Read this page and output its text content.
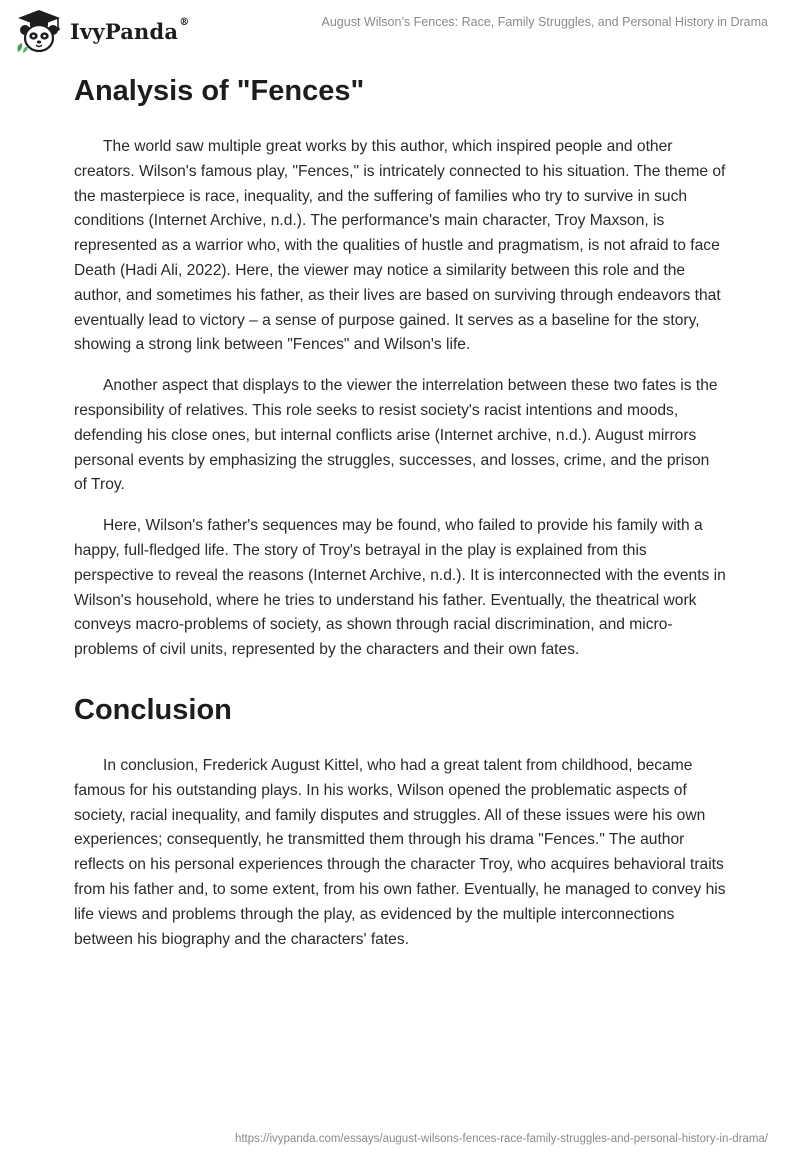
IvyPanda®	August Wilson’s Fences: Race, Family Struggles, and Personal History in Drama
Analysis of "Fences"

The world saw multiple great works by this author, which inspired people and other creators. Wilson's famous play, "Fences," is intricately connected to his situation. The theme of the masterpiece is race, inequality, and the suffering of families who try to survive in such conditions (Internet Archive, n.d.). The performance's main character, Troy Maxson, is represented as a warrior who, with the qualities of hustle and pragmatism, is not afraid to face Death (Hadi Ali, 2022). Here, the viewer may notice a similarity between this role and the author, and sometimes his father, as their lives are based on surviving through endeavors that eventually lead to victory – a sense of purpose gained. It serves as a baseline for the story, showing a strong link between "Fences" and Wilson's life.

Another aspect that displays to the viewer the interrelation between these two fates is the responsibility of relatives. This role seeks to resist society's racist intentions and moods, defending his close ones, but internal conflicts arise (Internet archive, n.d.). August mirrors personal events by emphasizing the struggles, successes, and losses, crime, and the prison of Troy.

Here, Wilson's father's sequences may be found, who failed to provide his family with a happy, full-fledged life. The story of Troy's betrayal in the play is explained from this perspective to reveal the reasons (Internet Archive, n.d.). It is interconnected with the events in Wilson's household, where he tries to understand his father. Eventually, the theatrical work conveys macro-problems of society, as shown through racial discrimination, and micro-problems of civil units, represented by the characters and their own fates.

Conclusion

In conclusion, Frederick August Kittel, who had a great talent from childhood, became famous for his outstanding plays. In his works, Wilson opened the problematic aspects of society, racial inequality, and family disputes and struggles. All of these issues were his own experiences; consequently, he transmitted them through his drama "Fences." The author reflects on his personal experiences through the character Troy, who acquires behavioral traits from his father and, to some extent, from his own father. Eventually, he managed to convey his life views and problems through the play, as evidenced by the multiple interconnections between his biography and the characters' fates.

https://ivypanda.com/essays/august-wilsons-fences-race-family-struggles-and-personal-history-in-drama/
